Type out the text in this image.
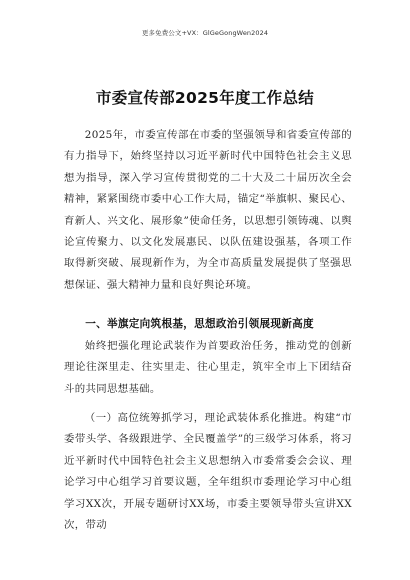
更多免费公文+VX：GlGeGongWen2024
市委宣传部2025年度工作总结

2025年，市委宣传部在市委的坚强领导和省委宣传部的有力指导下，始终坚持以习近平新时代中国特色社会主义思想为指导，深入学习宣传贯彻党的二十大及二十届历次全会精神，紧紧围绕市委中心工作大局，锚定“举旗帜、聚民心、育新人、兴文化、展形象”使命任务，以思想引领铸魂、以舆论宣传聚力、以文化发展惠民、以队伍建设强基，各项工作取得新突破、展现新作为，为全市高质量发展提供了坚强思想保证、强大精神力量和良好舆论环境。

一、举旗定向筑根基，思想政治引领展现新高度

始终把强化理论武装作为首要政治任务，推动党的创新理论往深里走、往实里走、往心里走，筑牢全市上下团结奋斗的共同思想基础。

（一）高位统筹抓学习，理论武装体系化推进。构建“市委带头学、各级跟进学、全民覆盖学”的三级学习体系，将习近平新时代中国特色社会主义思想纳入市委常委会会议、理论学习中心组学习首要议题，全年组织市委理论学习中心组学习XX次，开展专题研讨XX场，市委主要领导带头宣讲XX次，带动
